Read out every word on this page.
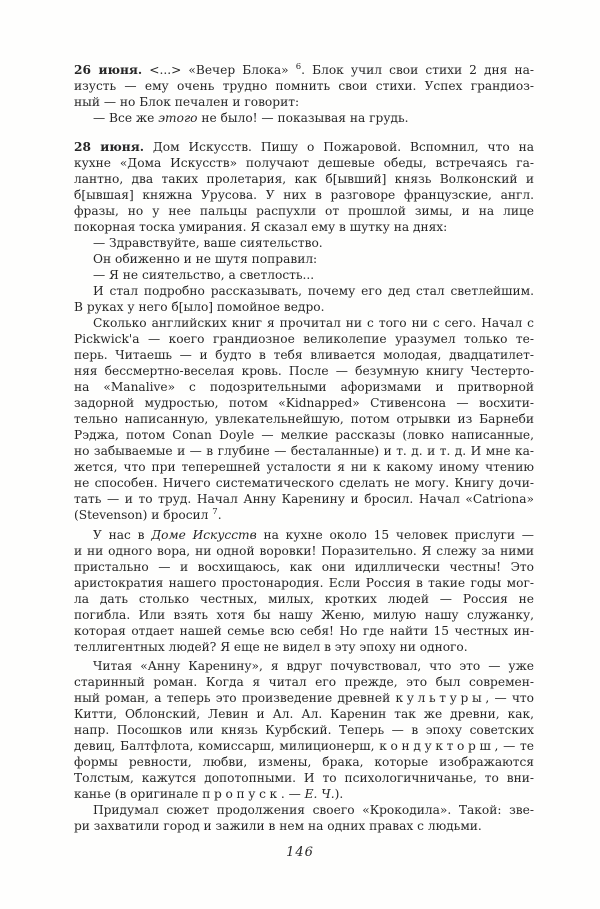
26 июня. <...> «Вечер Блока» $^6$. Блок учил свои стихи 2 дня на-
изусть — ему очень трудно помнить свои стихи. Успех грандиоз-
ный — но Блок печален и говорит:
— Все же этого не было! — показывая на грудь.
28 июня. Дом Искусств. Пишу о Пожаровой. Вспомнил, что на
кухне «Дома Искусств» получают дешевые обеды, встречаясь га-
лантно, два таких пролетария, как б[ывший] князь Волконский и
б[ывшая] княжна Урусова. У них в разговоре французские, англ.
фразы, но у нее пальцы распухли от прошлой зимы, и на лице
покорная тоска умирания. Я сказал ему в шутку на днях:
— Здравствуйте, ваше сиятельство.
Он обиженно и не шутя поправил:
— Я не сиятельство, а светлость...
И стал подробно рассказывать, почему его дед стал светлейшим.
В руках у него б[ыло] помойное ведро.
Сколько английских книг я прочитал ни с того ни с сего. Начал с
Pickwick'a — коего грандиозное великолепие уразумел только те-
перь. Читаешь — и будто в тебя вливается молодая, двадцатилет-
няя бессмертно-веселая кровь. После — безумную книгу Честерто-
на «Manalive» с подозрительными афоризмами и притворной
задорной мудростью, потом «Kidnapped» Стивенсона — восхити-
тельно написанную, увлекательнейшую, потом отрывки из Барнеби
Рэджа, потом Conan Doyle — мелкие рассказы (ловко написанные,
но забываемые и — в глубине — бесталанные) и т. д. и т. д. И мне ка-
жется, что при теперешней усталости я ни к какому иному чтению
не способен. Ничего систематического сделать не могу. Книгу дочи-
тать — и то труд. Начал Анну Каренину и бросил. Начал «Catriona»
(Stevenson) и бросил $^7$.
У нас в Доме Искусств на кухне около 15 человек прислуги —
и ни одного вора, ни одной воровки! Поразительно. Я слежу за ними
пристально — и восхищаюсь, как они идиллически честны! Это
аристократия нашего простонародия. Если Россия в такие годы мог-
ла дать столько честных, милых, кротких людей — Россия не
погибла. Или взять хотя бы нашу Женю, милую нашу служанку,
которая отдает нашей семье всю себя! Но где найти 15 честных ин-
теллигентных людей? Я еще не видел в эту эпоху ни одного.
Читая «Анну Каренину», я вдруг почувствовал, что это — уже
старинный роман. Когда я читал его прежде, это был современ-
ный роман, а теперь это произведение древней культуры, — что
Китти, Облонский, Левин и Ал. Ал. Каренин так же древни, как,
напр. Посошков или князь Курбский. Теперь — в эпоху советских
девиц, Балтфлота, комиссарш, милиционерш, кондукторш, — те
формы ревности, любви, измены, брака, которые изображаются
Толстым, кажутся допотопными. И то психологичничанье, то вни-
канье (в оригинале пропуск. — Е. Ч.).
Придумал сюжет продолжения своего «Крокодила». Такой: зве-
ри захватили город и зажили в нем на одних правах с людьми.
146
